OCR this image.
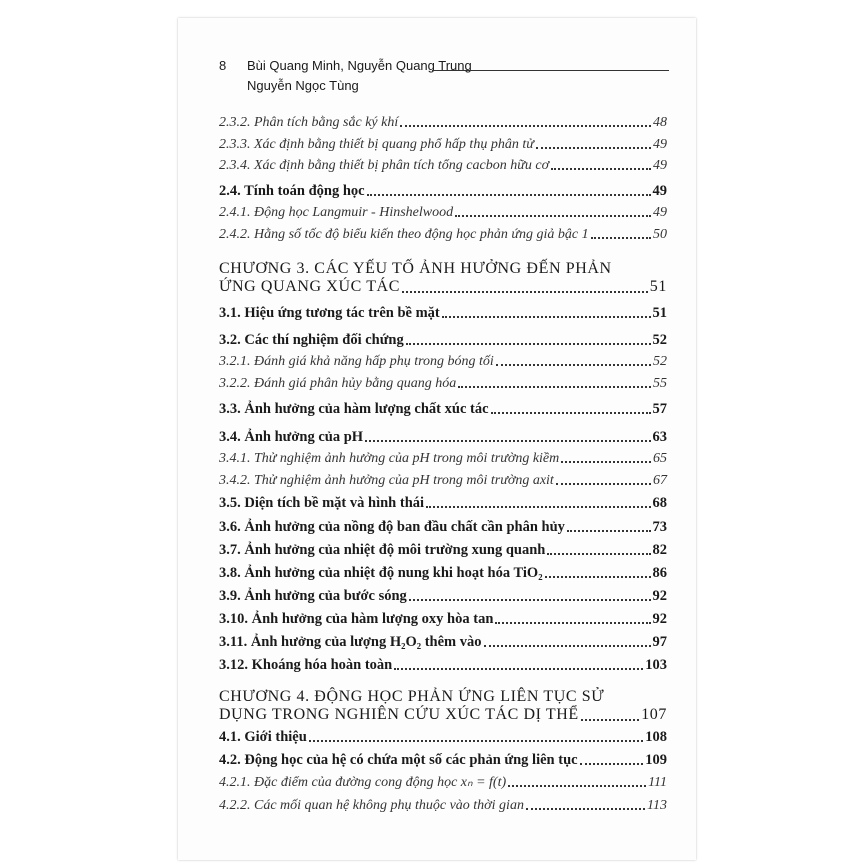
8 Bùi Quang Minh, Nguyễn Quang Trung
Nguyễn Ngọc Tùng
2.3.2. Phân tích bằng sắc ký khí	48
2.3.3. Xác định bằng thiết bị quang phổ hấp thụ phân tử	49
2.3.4. Xác định bằng thiết bị phân tích tổng cacbon hữu cơ	49
2.4. Tính toán động học	49
2.4.1. Động học Langmuir - Hinshelwood	49
2.4.2. Hằng số tốc độ biểu kiến theo động học phản ứng giả bậc 1	50
CHƯƠNG 3. CÁC YẾU TỐ ẢNH HƯỞNG ĐẾN PHẢN
ỨNG QUANG XÚC TÁC	51
3.1. Hiệu ứng tương tác trên bề mặt	51
3.2. Các thí nghiệm đối chứng	52
3.2.1. Đánh giá khả năng hấp phụ trong bóng tối	52
3.2.2. Đánh giá phân hủy bằng quang hóa	55
3.3. Ảnh hưởng của hàm lượng chất xúc tác	57
3.4. Ảnh hưởng của pH	63
3.4.1. Thử nghiệm ảnh hưởng của pH trong môi trường kiềm	65
3.4.2. Thử nghiệm ảnh hưởng của pH trong môi trường axit	67
3.5. Diện tích bề mặt và hình thái	68
3.6. Ảnh hưởng của nồng độ ban đầu chất cần phân hủy	73
3.7. Ảnh hưởng của nhiệt độ môi trường xung quanh	82
3.8. Ảnh hưởng của nhiệt độ nung khi hoạt hóa TiO₂	86
3.9. Ảnh hưởng của bước sóng	92
3.10. Ảnh hưởng của hàm lượng oxy hòa tan	92
3.11. Ảnh hưởng của lượng H₂O₂ thêm vào	97
3.12. Khoáng hóa hoàn toàn	103
CHƯƠNG 4. ĐỘNG HỌC PHẢN ỨNG LIÊN TỤC SỬ
DỤNG TRONG NGHIÊN CỨU XÚC TÁC DỊ THỂ	107
4.1. Giới thiệu	108
4.2. Động học của hệ có chứa một số các phản ứng liên tục	109
4.2.1. Đặc điểm của đường cong động học xₙ = f(t)	111
4.2.2. Các mối quan hệ không phụ thuộc vào thời gian	113
